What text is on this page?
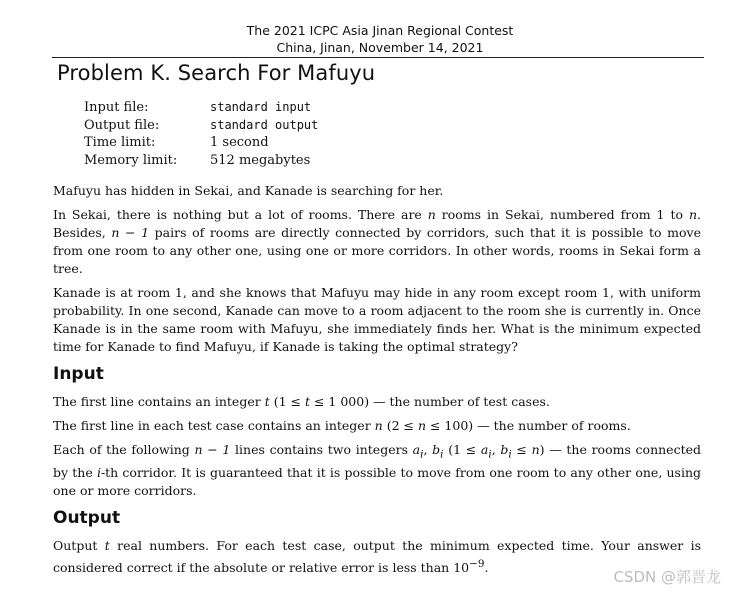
The 2021 ICPC Asia Jinan Regional Contest
China, Jinan, November 14, 2021
Problem K. Search For Mafuyu
Input file:	standard input
Output file:	standard output
Time limit:	1 second
Memory limit:	512 megabytes

Mafuyu has hidden in Sekai, and Kanade is searching for her.

In Sekai, there is nothing but a lot of rooms. There are n rooms in Sekai, numbered from 1 to n. Besides, n − 1 pairs of rooms are directly connected by corridors, such that it is possible to move from one room to any other one, using one or more corridors. In other words, rooms in Sekai form a tree.

Kanade is at room 1, and she knows that Mafuyu may hide in any room except room 1, with uniform probability. In one second, Kanade can move to a room adjacent to the room she is currently in. Once Kanade is in the same room with Mafuyu, she immediately finds her. What is the minimum expected time for Kanade to find Mafuyu, if Kanade is taking the optimal strategy?

Input

The first line contains an integer t (1 ≤ t ≤ 1 000) — the number of test cases.

The first line in each test case contains an integer n (2 ≤ n ≤ 100) — the number of rooms.

Each of the following n − 1 lines contains two integers $a_i$, $b_i$ ($1 \le a_i$, $b_i \le n$) — the rooms connected by the i-th corridor. It is guaranteed that it is possible to move from one room to any other one, using one or more corridors.

Output

Output t real numbers. For each test case, output the minimum expected time. Your answer is considered correct if the absolute or relative error is less than $10^{-9}$.

CSDN @郭晋龙
